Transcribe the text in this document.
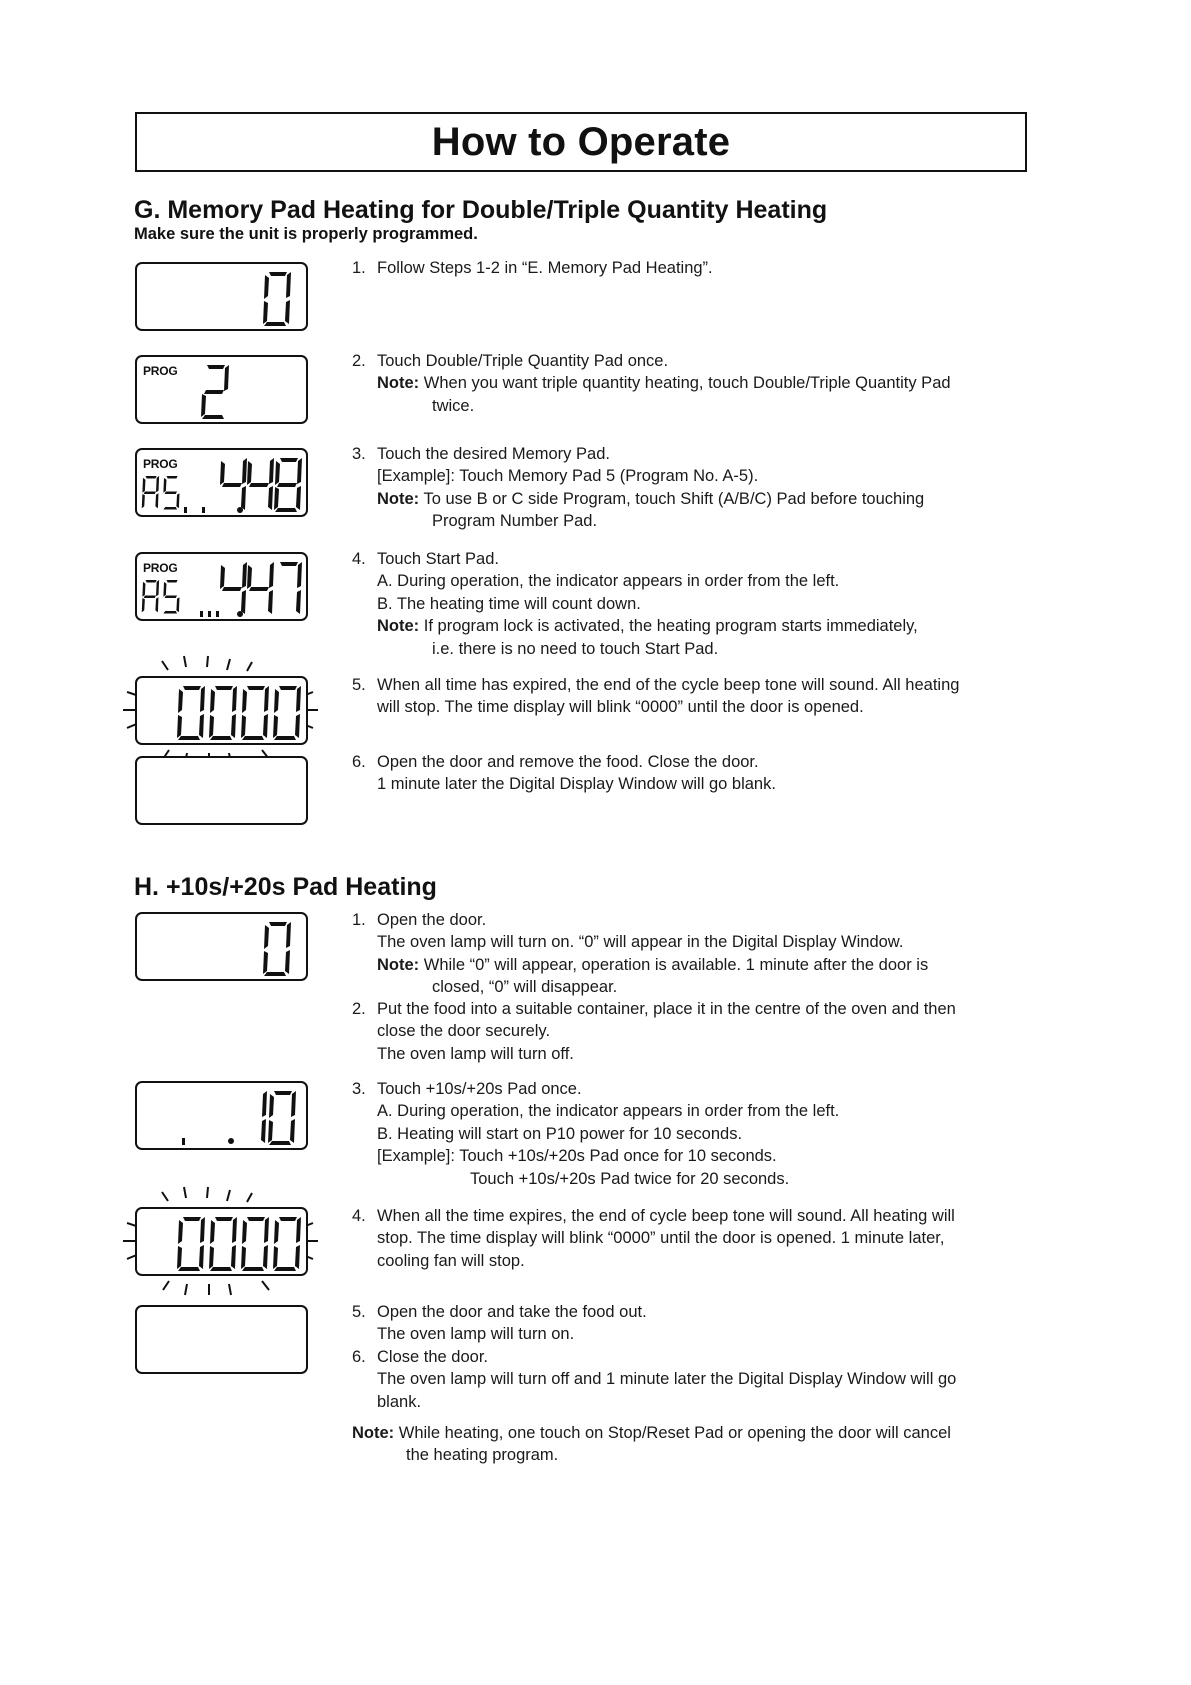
How to Operate
G. Memory Pad Heating for Double/Triple Quantity Heating
Make sure the unit is properly programmed.
PROG
PROG
PROG
1. Follow Steps 1-2 in “E. Memory Pad Heating”.
2. Touch Double/Triple Quantity Pad once.
Note: When you want triple quantity heating, touch Double/Triple Quantity Pad
twice.
3. Touch the desired Memory Pad.
[Example]: Touch Memory Pad 5 (Program No. A-5).
Note: To use B or C side Program, touch Shift (A/B/C) Pad before touching
Program Number Pad.
4. Touch Start Pad.
A. During operation, the indicator appears in order from the left.
B. The heating time will count down.
Note: If program lock is activated, the heating program starts immediately,
i.e. there is no need to touch Start Pad.
5. When all time has expired, the end of the cycle beep tone will sound. All heating
will stop. The time display will blink “0000” until the door is opened.
6. Open the door and remove the food. Close the door.
1 minute later the Digital Display Window will go blank.
H. +10s/+20s Pad Heating
1. Open the door.
The oven lamp will turn on. “0” will appear in the Digital Display Window.
Note: While “0” will appear, operation is available. 1 minute after the door is
closed, “0” will disappear.
2. Put the food into a suitable container, place it in the centre of the oven and then
close the door securely.
The oven lamp will turn off.
3. Touch +10s/+20s Pad once.
A. During operation, the indicator appears in order from the left.
B. Heating will start on P10 power for 10 seconds.
[Example]: Touch +10s/+20s Pad once for 10 seconds.
Touch +10s/+20s Pad twice for 20 seconds.
4. When all the time expires, the end of cycle beep tone will sound. All heating will
stop. The time display will blink “0000” until the door is opened. 1 minute later,
cooling fan will stop.
5. Open the door and take the food out.
The oven lamp will turn on.
6. Close the door.
The oven lamp will turn off and 1 minute later the Digital Display Window will go
blank.
Note: While heating, one touch on Stop/Reset Pad or opening the door will cancel
the heating program.
